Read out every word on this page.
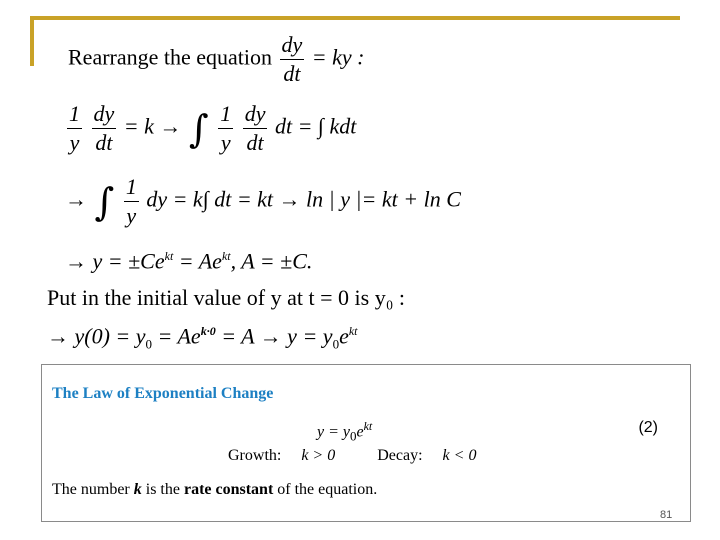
Rearrange the equation $\frac{dy}{dt}$ = ky :
$\frac{1}{y}$
$\frac{dy}{dt} = k$ → ∫ $\frac{1}{y}$
$\frac{dy}{dt}$ dt = ∫ kdt
→ ∫ $\frac{1}{y}$ dy = k∫ dt = kt → ln | y |= kt + ln C
→ $y = \pm Ce^{kt} = Ae^{kt}$, A = ±C.
Put in the initial value of y at t = 0 is y₀ :
→ $y(0) = y_0 = Ae^{k\cdot 0} = A \to y = y_0e^{kt}$
The Law of Exponential Change
$y = y_0e^{kt}$	(2)
Growth: k > 0	Decay: k < 0
The number k is the rate constant of the equation.
81
